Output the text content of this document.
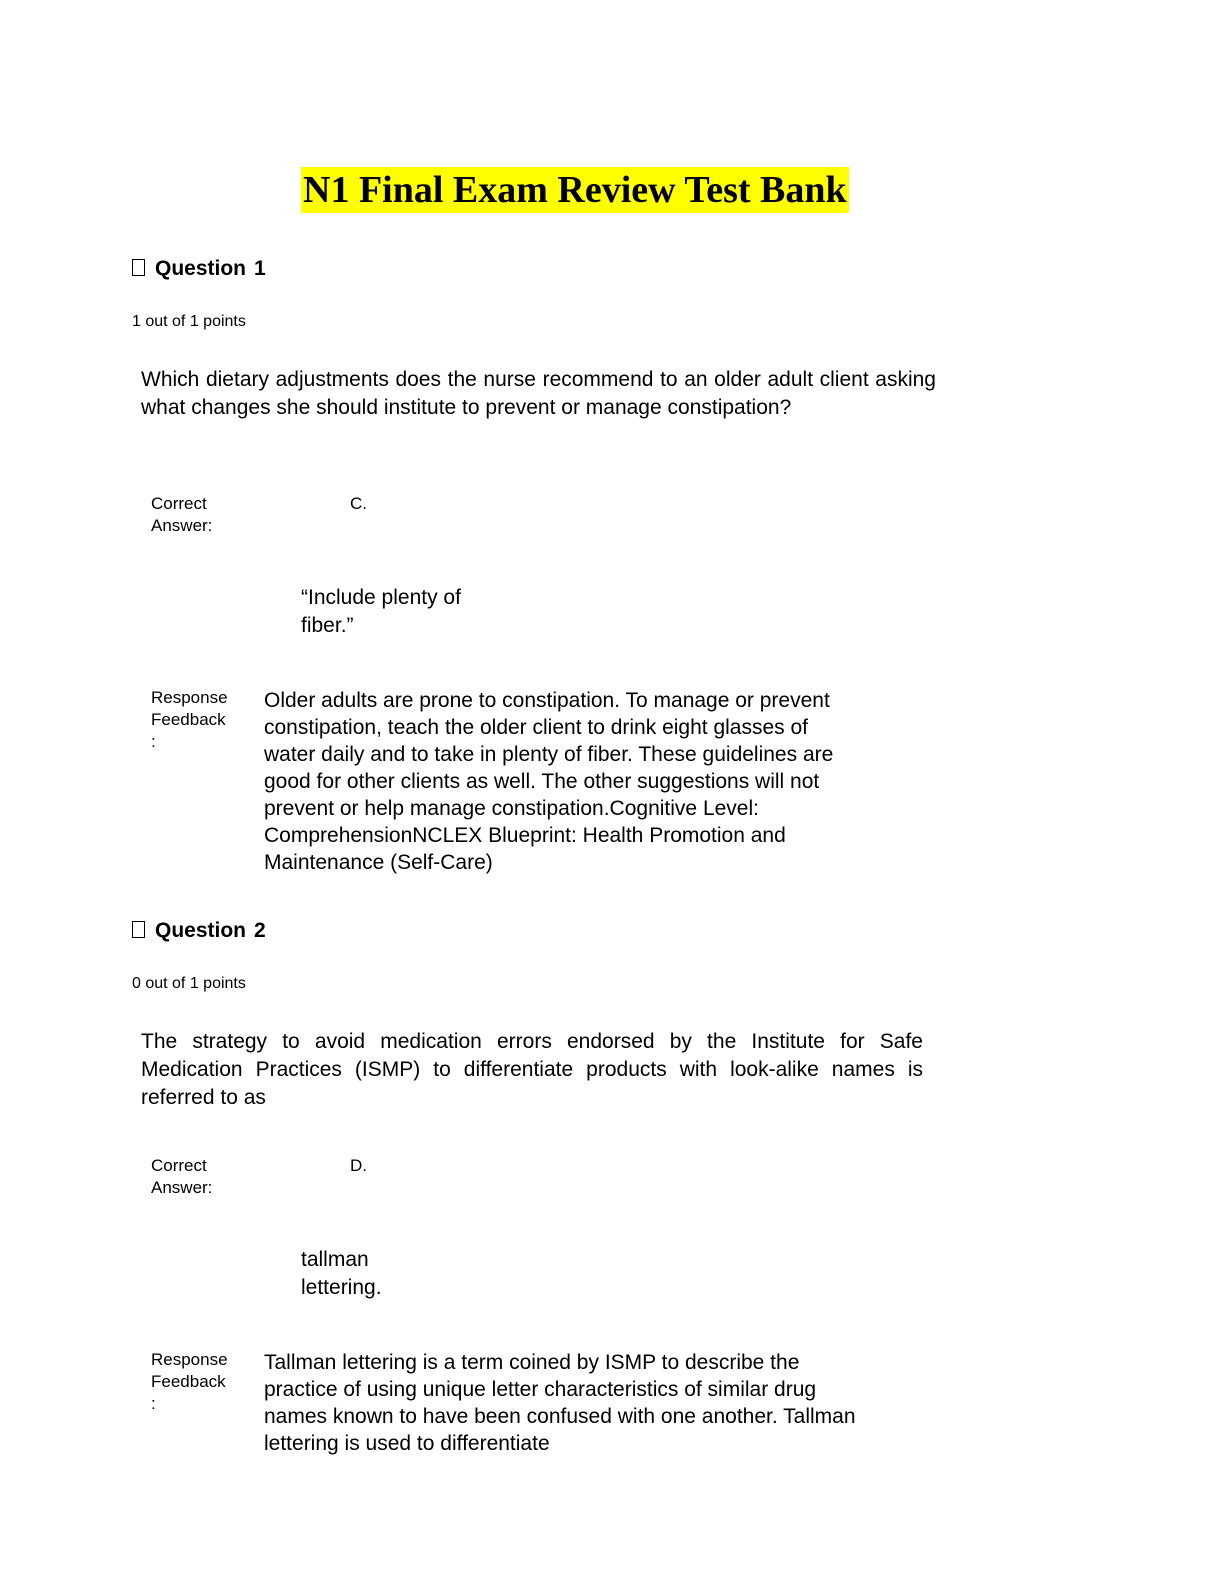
N1 Final Exam Review Test Bank
Question 1
1 out of 1 points
Which dietary adjustments does the nurse recommend to an older adult client asking what changes she should institute to prevent or manage constipation?
Correct
Answer:
C.
“Include plenty of
fiber.”
Response
Feedback
:
Older adults are prone to constipation. To manage or prevent
constipation, teach the older client to drink eight glasses of
water daily and to take in plenty of fiber. These guidelines are
good for other clients as well. The other suggestions will not
prevent or help manage constipation.Cognitive Level:
ComprehensionNCLEX Blueprint: Health Promotion and
Maintenance (Self-Care)
Question 2
0 out of 1 points
The strategy to avoid medication errors endorsed by the Institute for Safe Medication Practices (ISMP) to differentiate products with look-alike names is referred to as
Correct
Answer:
D.
tallman
lettering.
Response
Feedback
:
Tallman lettering is a term coined by ISMP to describe the
practice of using unique letter characteristics of similar drug
names known to have been confused with one another. Tallman
lettering is used to differentiate
